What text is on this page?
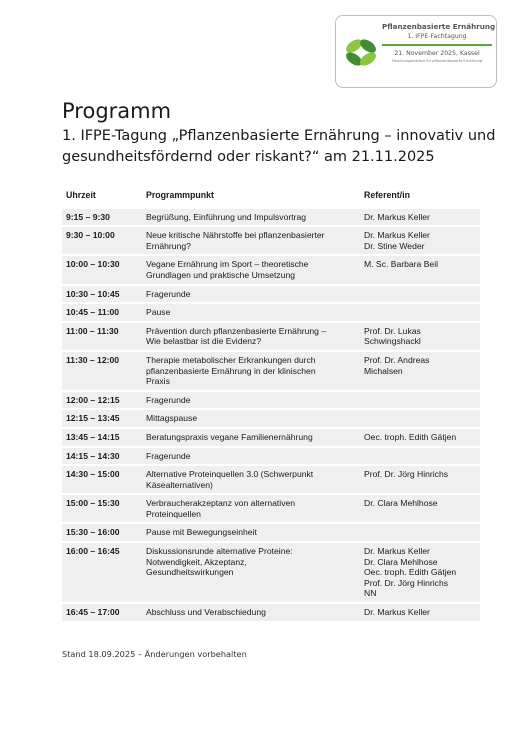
Pflanzenbasierte Ernährung
1. IFPE-Fachtagung
21. November 2025, Kassel
Forschungsinstitut für pflanzenbasierte Ernährung
Programm
1. IFPE-Tagung „Pflanzenbasierte Ernährung – innovativ und
gesundheitsfördernd oder riskant?“ am 21.11.2025
Uhrzeit	Programmpunkt	Referent/in
9:15 – 9:30	Begrüßung, Einführung und Impulsvortrag	Dr. Markus Keller

9:30 – 10:00	Neue kritische Nährstoffe bei pflanzenbasierter
Ernährung?	Dr. Markus Keller
Dr. Stine Weder

10:00 – 10:30	Vegane Ernährung im Sport – theoretische
Grundlagen und praktische Umsetzung	M. Sc. Barbara Beil

10:30 – 10:45	Fragerunde	

10:45 – 11:00	Pause	

11:00 – 11:30	Prävention durch pflanzenbasierte Ernährung –
Wie belastbar ist die Evidenz?	Prof. Dr. Lukas
Schwingshackl

11:30 – 12:00	Therapie metabolischer Erkrankungen durch
pflanzenbasierte Ernährung in der klinischen
Praxis	Prof. Dr. Andreas
Michalsen

12:00 – 12:15	Fragerunde	

12:15 – 13:45	Mittagspause	

13:45 – 14:15	Beratungspraxis vegane Familienernährung	Oec. troph. Edith Gätjen

14:15 – 14:30	Fragerunde	

14:30 – 15:00	Alternative Proteinquellen 3.0 (Schwerpunkt
Käsealternativen)	Prof. Dr. Jörg Hinrichs

15:00 – 15:30	Verbraucherakzeptanz von alternativen
Proteinquellen	Dr. Clara Mehlhose

15:30 – 16:00	Pause mit Bewegungseinheit	

16:00 – 16:45	Diskussionsrunde alternative Proteine:
Notwendigkeit, Akzeptanz,
Gesundheitswirkungen	Dr. Markus Keller
Dr. Clara Mehlhose
Oec. troph. Edith Gätjen
Prof. Dr. Jörg Hinrichs
NN

16:45 – 17:00	Abschluss und Verabschiedung	Dr. Markus Keller
Stand 18.09.2025 – Änderungen vorbehalten
